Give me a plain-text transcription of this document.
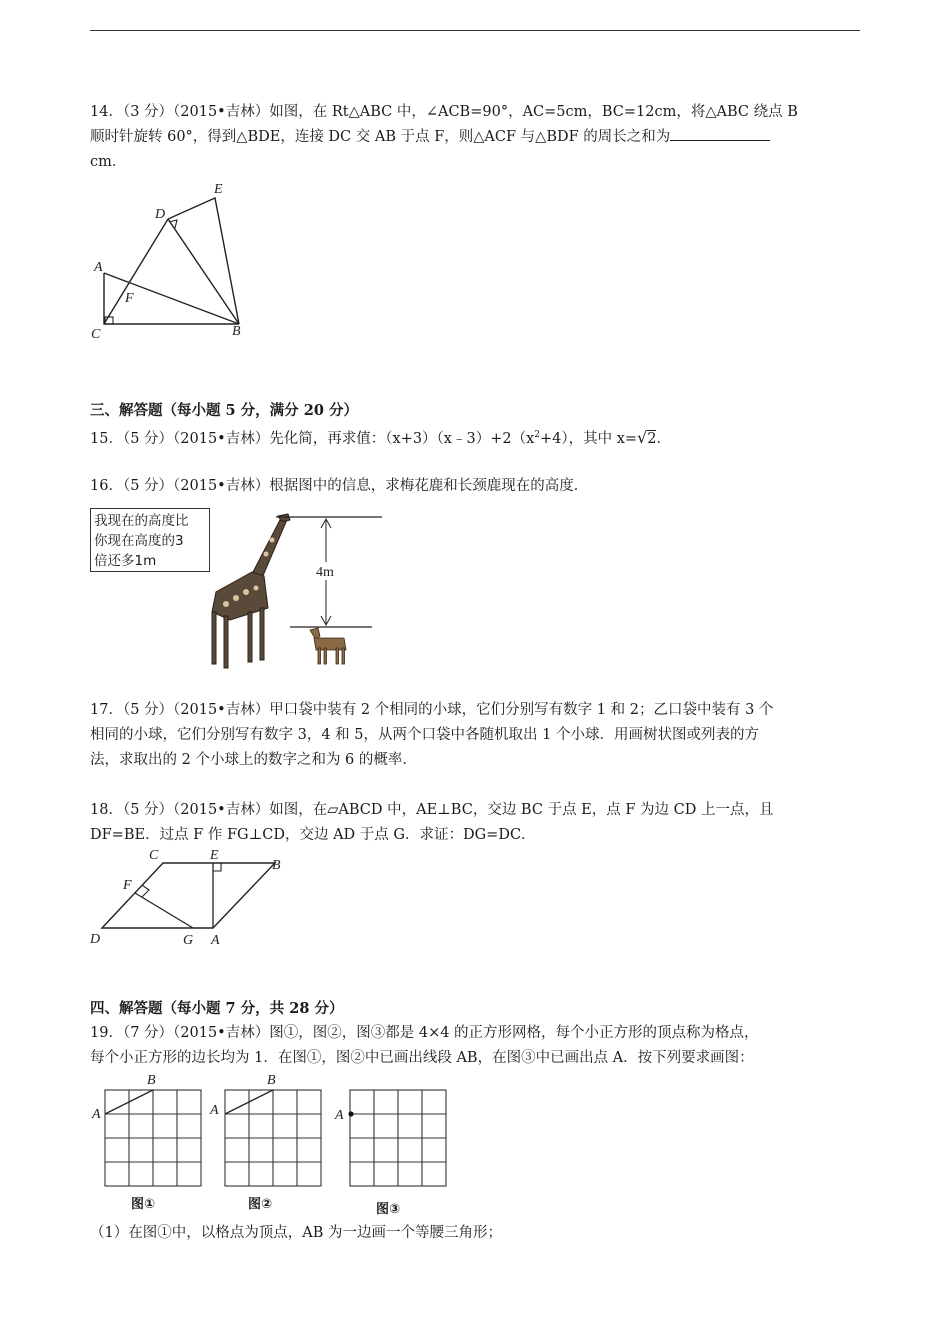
14．（3 分）（2015•吉林）如图，在 Rt△ABC 中，∠ACB=90°，AC=5cm，BC=12cm，将△ABC 绕点 B
顺时针旋转 60°，得到△BDE，连接 DC 交 AB 于点 F，则△ACF 与△BDF 的周长之和为
cm．
A
C	B
D
E
F
三、解答题（每小题 5 分，满分 20 分）
15．（5 分）（2015•吉林）先化简，再求值：$(x+3)(x﹣3)+2(x^2+4)$，其中 x=√2．
16．（5 分）（2015•吉林）根据图中的信息，求梅花鹿和长颈鹿现在的高度．
我现在的高度比
你现在高度的3
倍还多1m
4m
17．（5 分）（2015•吉林）甲口袋中装有 2 个相同的小球，它们分别写有数字 1 和 2；乙口袋中装有 3 个
相同的小球，它们分别写有数字 3，4 和 5，从两个口袋中各随机取出 1 个小球．用画树状图或列表的方
法，求取出的 2 个小球上的数字之和为 6 的概率．
18．（5 分）（2015•吉林）如图，在▱ABCD 中，AE⊥BC，交边 BC 于点 E，点 F 为边 CD 上一点，且
DF=BE．过点 F 作 FG⊥CD，交边 AD 于点 G．求证：DG=DC．
D
C	E
B
F
G A
四、解答题（每小题 7 分，共 28 分）
19．（7 分）（2015•吉林）图①，图②，图③都是 4×4 的正方形网格，每个小正方形的顶点称为格点，
每个小正方形的边长均为 1．在图①，图②中已画出线段 AB，在图③中已画出点 A．按下列要求画图：
A
B
图①
A
B
图②
A
图③
（1）在图①中，以格点为顶点，AB 为一边画一个等腰三角形；
